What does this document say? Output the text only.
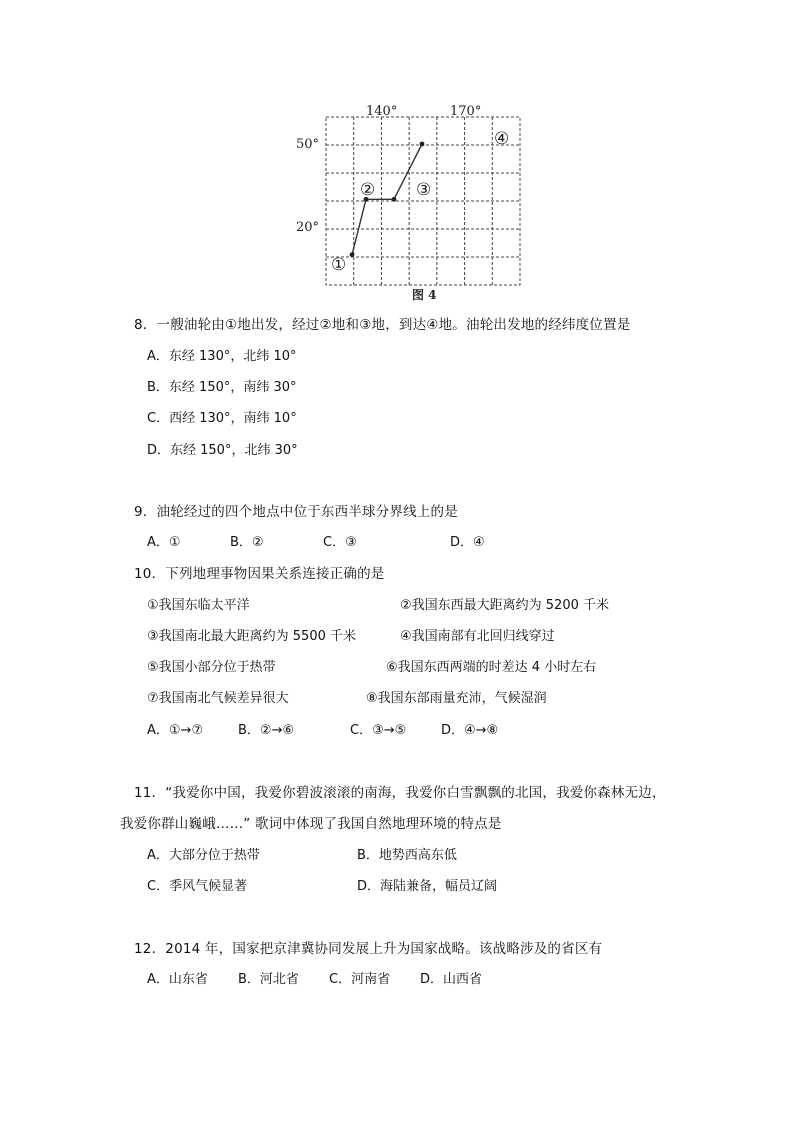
140°	170°
50°
20°
①
② ③
④
图 4
8．一艘油轮由①地出发，经过②地和③地，到达④地。油轮出发地的经纬度位置是
A．东经 130°，北纬 10°
B．东经 150°，南纬 30°
C．西经 130°，南纬 10°
D．东经 150°，北纬 30°
9．油轮经过的四个地点中位于东西半球分界线上的是
A．①	B．②	C．③	D．④
10．下列地理事物因果关系连接正确的是
①我国东临太平洋	②我国东西最大距离约为 5200 千米
③我国南北最大距离约为 5500 千米	④我国南部有北回归线穿过
⑤我国小部分位于热带	⑥我国东西两端的时差达 4 小时左右
⑦我国南北气候差异很大	⑧我国东部雨量充沛，气候湿润
A．①→⑦	B．②→⑥	C．③→⑤	D．④→⑧
11．“我爱你中国，我爱你碧波滚滚的南海，我爱你白雪飘飘的北国，我爱你森林无边，
我爱你群山巍峨……” 歌词中体现了我国自然地理环境的特点是
A．大部分位于热带	B．地势西高东低
C．季风气候显著	D．海陆兼备，幅员辽阔
12．2014 年，国家把京津冀协同发展上升为国家战略。该战略涉及的省区有
A．山东省 B．河北省 C．河南省 D．山西省
